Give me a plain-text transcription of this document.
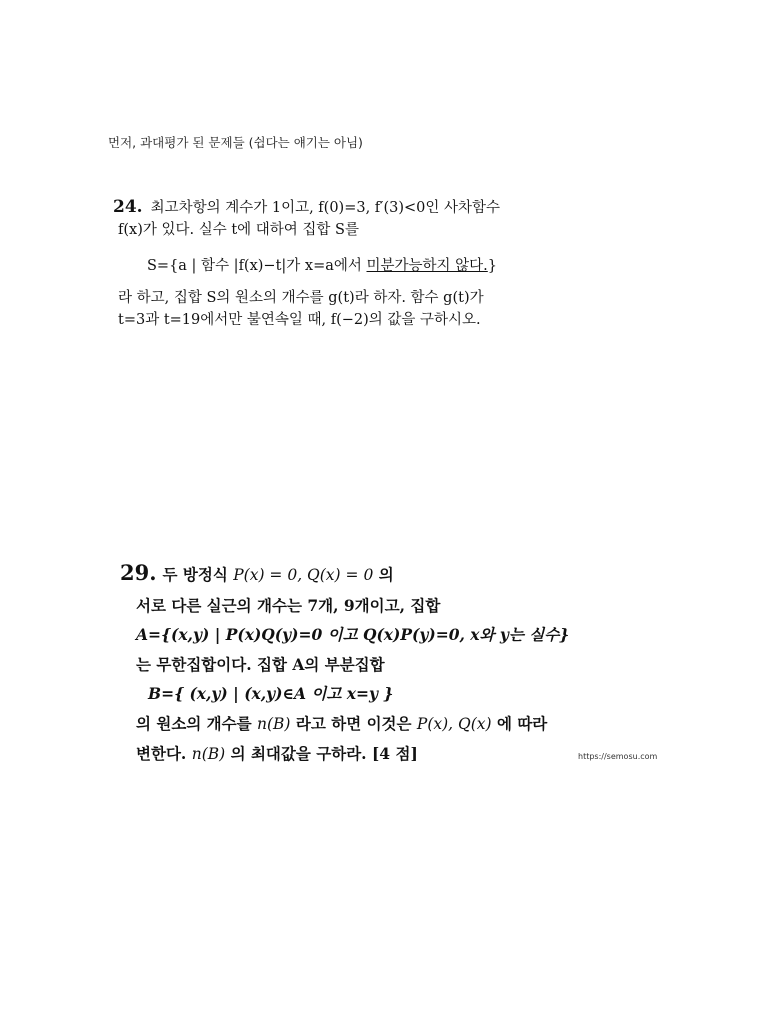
먼저, 과대평가 된 문제들 (쉽다는 얘기는 아님)
24. 최고차항의 계수가 1이고, f(0)=3, f′(3)<0인 사차함수
f(x)가 있다. 실수 t에 대하여 집합 S를
S={a | 함수 |f(x)−t|가 x=a에서 미분가능하지 않다.}
라 하고, 집합 S의 원소의 개수를 g(t)라 하자. 함수 g(t)가
t=3과 t=19에서만 불연속일 때, f(−2)의 값을 구하시오.
29. 두 방정식 P(x) = 0, Q(x) = 0 의
서로 다른 실근의 개수는 7개, 9개이고, 집합
A={(x,y) | P(x)Q(y)=0 이고 Q(x)P(y)=0, x와 y는 실수}
는 무한집합이다. 집합 A의 부분집합
B={ (x,y) | (x,y)∈A 이고 x=y }
의 원소의 개수를 n(B) 라고 하면 이것은 P(x), Q(x) 에 따라
변한다. n(B) 의 최대값을 구하라. [4 점]	https://semosu.com
